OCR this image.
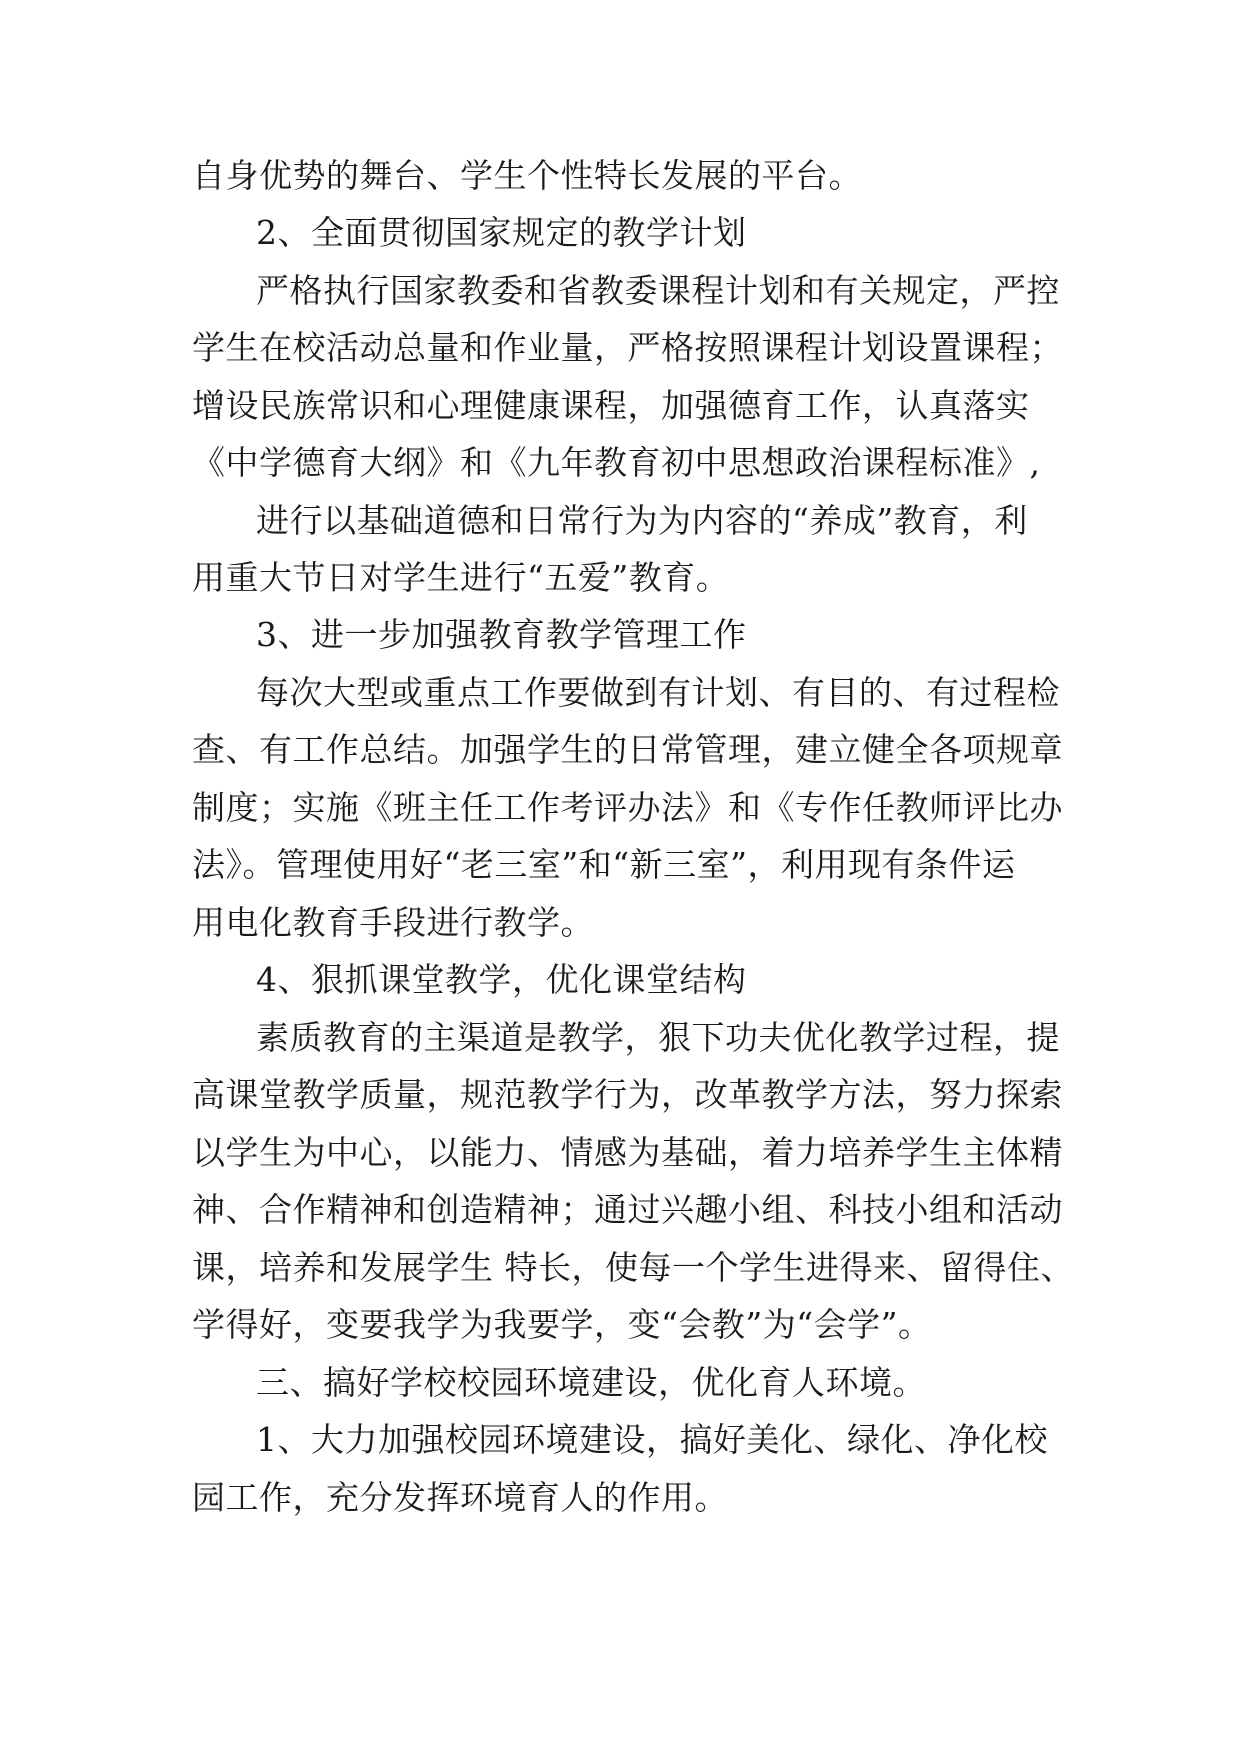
自身优势的舞台、学生个性特长发展的平台。
2、全面贯彻国家规定的教学计划
严格执行国家教委和省教委课程计划和有关规定，严控
学生在校活动总量和作业量，严格按照课程计划设置课程；
增设民族常识和心理健康课程，加强德育工作，认真落实
《中学德育大纲》和《九年教育初中思想政治课程标准》,
进行以基础道德和日常行为为内容的“养成”教育，利
用重大节日对学生进行“五爱”教育。
3、进一步加强教育教学管理工作
每次大型或重点工作要做到有计划、有目的、有过程检
查、有工作总结。加强学生的日常管理，建立健全各项规章
制度；实施《班主任工作考评办法》和《专作任教师评比办
法》。管理使用好“老三室”和“新三室”，利用现有条件运
用电化教育手段进行教学。
4、狠抓课堂教学，优化课堂结构
素质教育的主渠道是教学，狠下功夫优化教学过程，提
高课堂教学质量，规范教学行为，改革教学方法，努力探索
以学生为中心，以能力、情感为基础，着力培养学生主体精
神、合作精神和创造精神；通过兴趣小组、科技小组和活动
课，培养和发展学生 特长，使每一个学生进得来、留得住、
学得好，变要我学为我要学，变“会教”为“会学”。
三、搞好学校校园环境建设，优化育人环境。
1、大力加强校园环境建设，搞好美化、绿化、净化校
园工作，充分发挥环境育人的作用。
